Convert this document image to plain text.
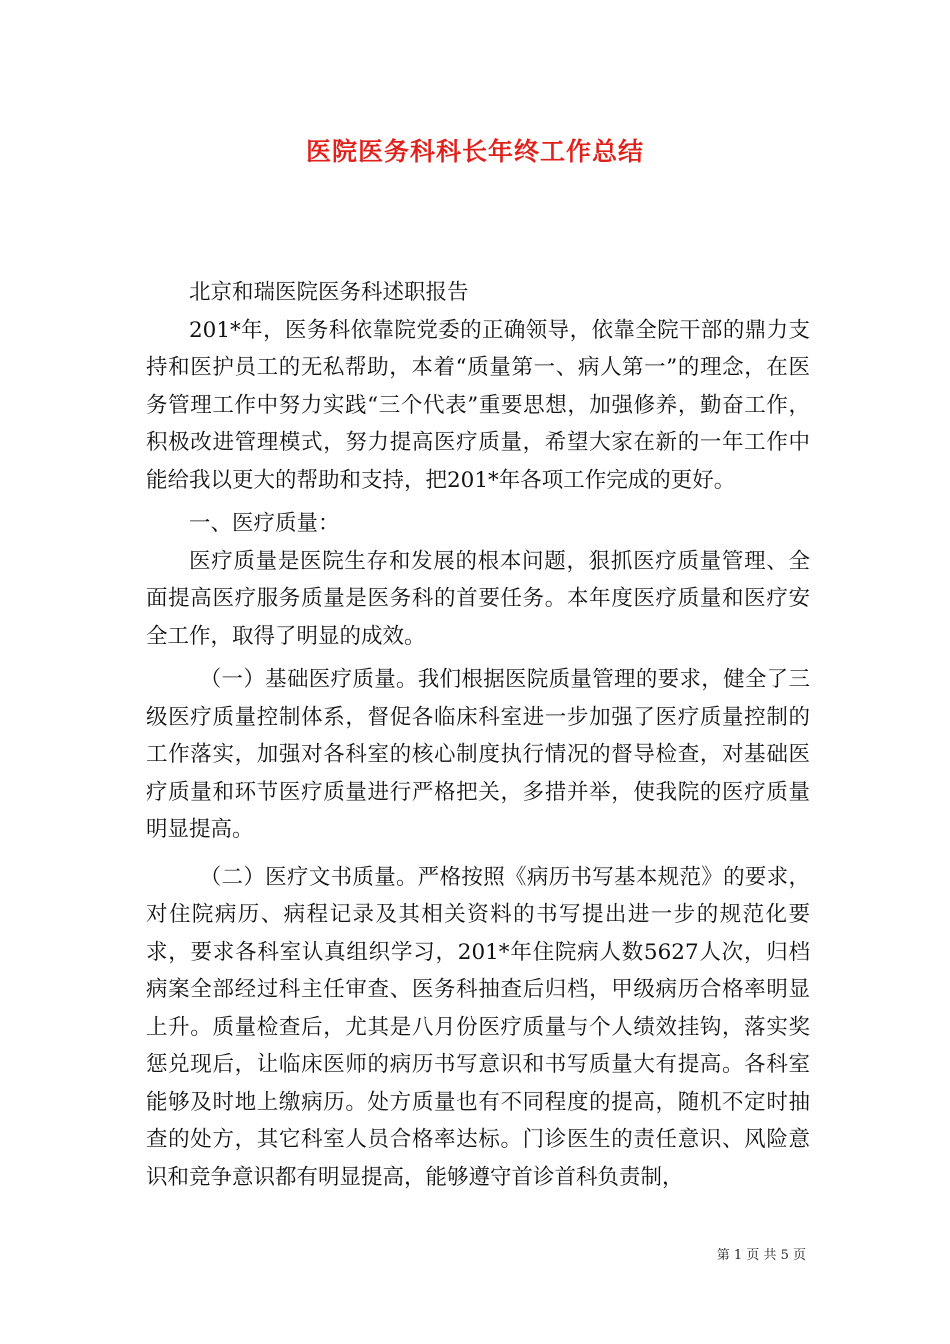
医院医务科科长年终工作总结

北京和瑞医院医务科述职报告

201*年，医务科依靠院党委的正确领导，依靠全院干部的鼎力支持和医护员工的无私帮助，本着“质量第一、病人第一”的理念，在医务管理工作中努力实践“三个代表”重要思想，加强修养，勤奋工作，积极改进管理模式，努力提高医疗质量，希望大家在新的一年工作中能给我以更大的帮助和支持，把201*年各项工作完成的更好。

一、医疗质量：

医疗质量是医院生存和发展的根本问题，狠抓医疗质量管理、全面提高医疗服务质量是医务科的首要任务。本年度医疗质量和医疗安全工作，取得了明显的成效。

（一）基础医疗质量。我们根据医院质量管理的要求，健全了三级医疗质量控制体系，督促各临床科室进一步加强了医疗质量控制的工作落实，加强对各科室的核心制度执行情况的督导检查，对基础医疗质量和环节医疗质量进行严格把关，多措并举，使我院的医疗质量明显提高。

（二）医疗文书质量。严格按照《病历书写基本规范》的要求，对住院病历、病程记录及其相关资料的书写提出进一步的规范化要求，要求各科室认真组织学习，201*年住院病人数5627人次，归档病案全部经过科主任审查、医务科抽查后归档，甲级病历合格率明显上升。质量检查后，尤其是八月份医疗质量与个人绩效挂钩，落实奖惩兑现后，让临床医师的病历书写意识和书写质量大有提高。各科室能够及时地上缴病历。处方质量也有不同程度的提高，随机不定时抽查的处方，其它科室人员合格率达标。门诊医生的责任意识、风险意识和竞争意识都有明显提高，能够遵守首诊首科负责制，

第 1 页 共 5 页
